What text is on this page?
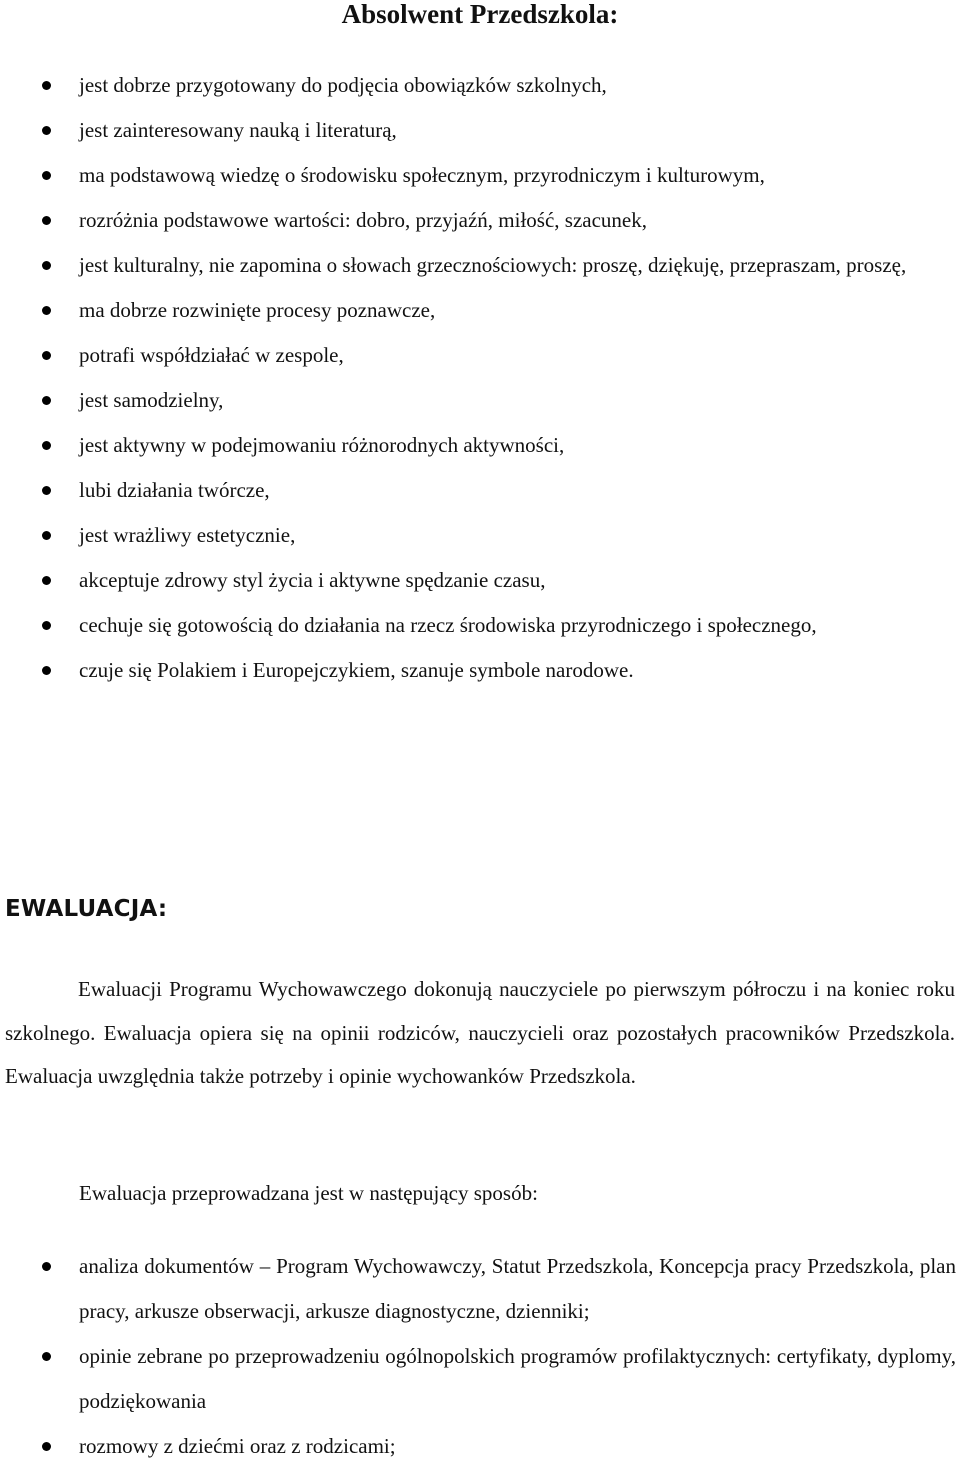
Absolwent Przedszkola:
jest dobrze przygotowany do podjęcia obowiązków szkolnych,
jest zainteresowany nauką i literaturą,
ma podstawową wiedzę o środowisku społecznym, przyrodniczym i kulturowym,
rozróżnia podstawowe wartości: dobro, przyjaźń, miłość, szacunek,
jest kulturalny, nie zapomina o słowach grzecznościowych: proszę, dziękuję, przepraszam, proszę,
ma dobrze rozwinięte procesy poznawcze,
potrafi współdziałać w zespole,
jest samodzielny,
jest aktywny w podejmowaniu różnorodnych aktywności,
lubi działania twórcze,
jest wrażliwy estetycznie,
akceptuje zdrowy styl życia i aktywne spędzanie czasu,
cechuje się gotowością do działania na rzecz środowiska przyrodniczego i społecznego,
czuje się Polakiem i Europejczykiem, szanuje symbole narodowe.
EWALUACJA:

Ewaluacji Programu Wychowawczego dokonują nauczyciele po pierwszym półroczu i na koniec roku szkolnego. Ewaluacja opiera się na opinii rodziców, nauczycieli oraz pozostałych pracowników Przedszkola. Ewaluacja uwzględnia także potrzeby i opinie wychowanków Przedszkola.

Ewaluacja przeprowadzana jest w następujący sposób:

analiza dokumentów – Program Wychowawczy, Statut Przedszkola, Koncepcja pracy Przedszkola, plan pracy, arkusze obserwacji, arkusze diagnostyczne, dzienniki;
opinie zebrane po przeprowadzeniu ogólnopolskich programów profilaktycznych: certyfikaty, dyplomy, podziękowania
rozmowy z dziećmi oraz z rodzicami;
